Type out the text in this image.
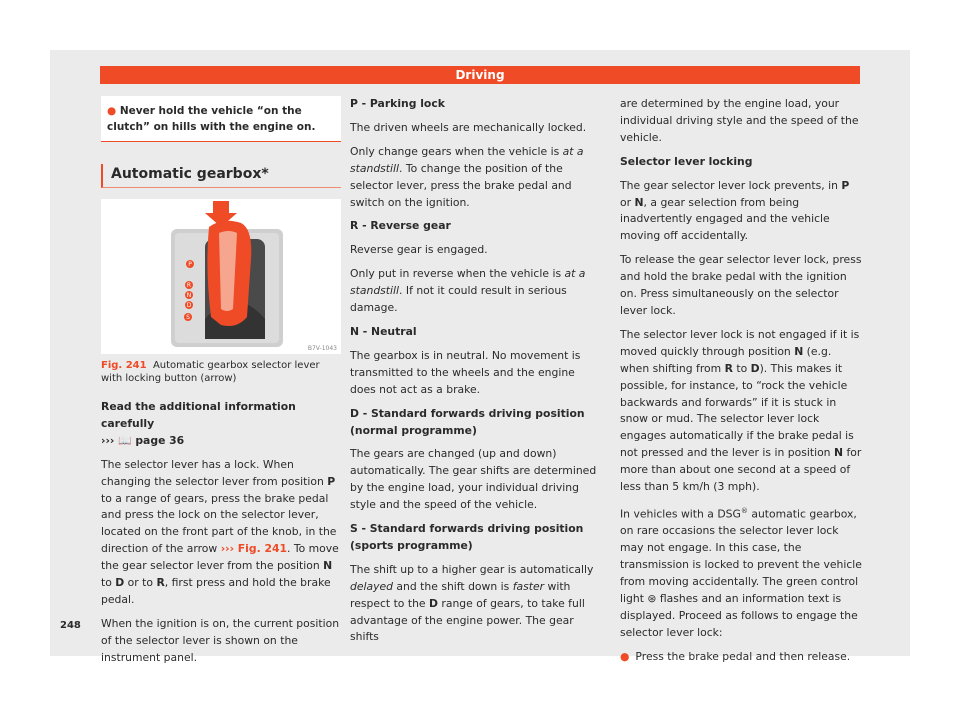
Driving
● Never hold the vehicle “on the clutch” on hills with the engine on.
Automatic gearbox*
P
R
N
D
S
B7V-1043
Fig. 241 Automatic gearbox selector lever with locking button (arrow)

Read the additional information carefully
››› 📖 page 36

The selector lever has a lock. When changing the selector lever from position P to a range of gears, press the brake pedal and press the lock on the selector lever, located on the front part of the knob, in the direction of the arrow ››› Fig. 241. To move the gear selector lever from the position N to D or to R, first press and hold the brake pedal.

When the ignition is on, the current position of the selector lever is shown on the instrument panel.

P - Parking lock

The driven wheels are mechanically locked.

Only change gears when the vehicle is at a standstill. To change the position of the selector lever, press the brake pedal and switch on the ignition.

R - Reverse gear

Reverse gear is engaged.

Only put in reverse when the vehicle is at a standstill. If not it could result in serious damage.

N - Neutral

The gearbox is in neutral. No movement is transmitted to the wheels and the engine does not act as a brake.

D - Standard forwards driving position (normal programme)

The gears are changed (up and down) automatically. The gear shifts are determined by the engine load, your individual driving style and the speed of the vehicle.

S - Standard forwards driving position (sports programme)

The shift up to a higher gear is automatically delayed and the shift down is faster with respect to the D range of gears, to take full advantage of the engine power. The gear shifts

are determined by the engine load, your individual driving style and the speed of the vehicle.

Selector lever locking

The gear selector lever lock prevents, in P or N, a gear selection from being inadvertently engaged and the vehicle moving off accidentally.

To release the gear selector lever lock, press and hold the brake pedal with the ignition on. Press simultaneously on the selector lever lock.

The selector lever lock is not engaged if it is moved quickly through position N (e.g. when shifting from R to D). This makes it possible, for instance, to “rock the vehicle backwards and forwards” if it is stuck in snow or mud. The selector lever lock engages automatically if the brake pedal is not pressed and the lever is in position N for more than about one second at a speed of less than 5 km/h (3 mph).

In vehicles with a DSG® automatic gearbox, on rare occasions the selector lever lock may not engage. In this case, the transmission is locked to prevent the vehicle from moving accidentally. The green control light ⊛ flashes and an information text is displayed. Proceed as follows to engage the selector lever lock:

● Press the brake pedal and then release.
248
